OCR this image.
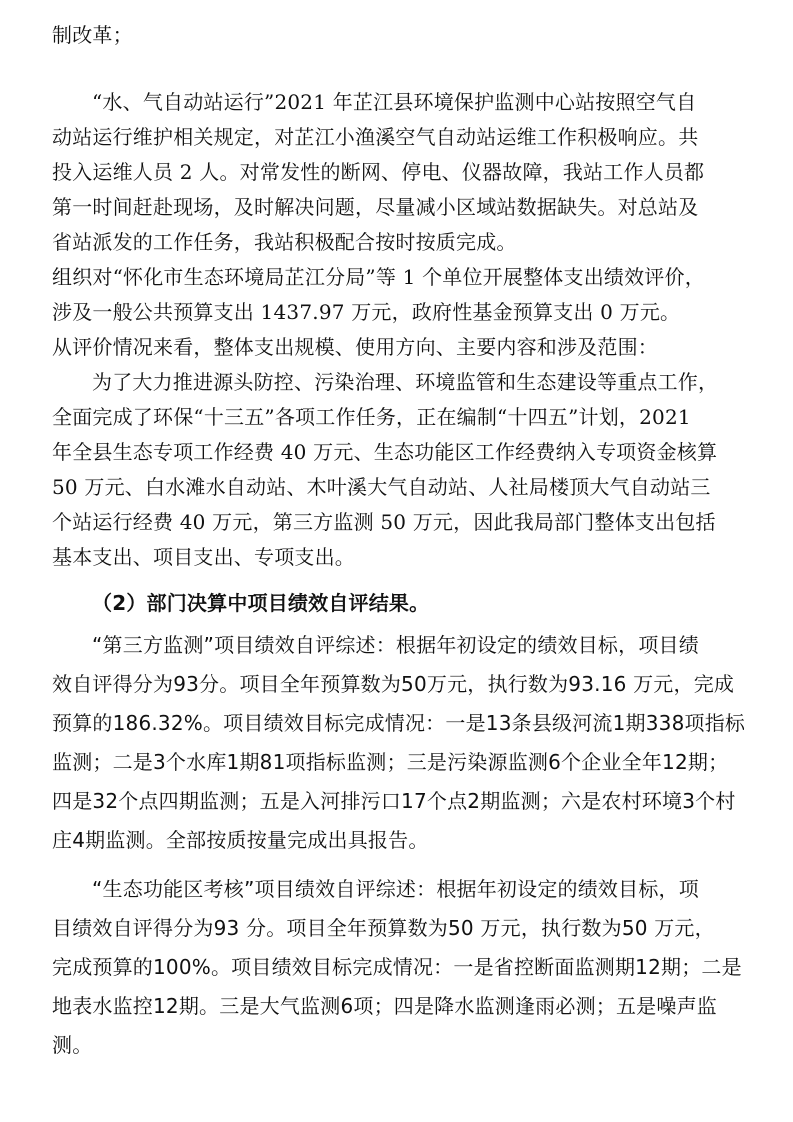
制改革；
“水、气自动站运行”2021 年芷江县环境保护监测中心站按照空气自
动站运行维护相关规定，对芷江小渔溪空气自动站运维工作积极响应。共
投入运维人员 2 人。对常发性的断网、停电、仪器故障，我站工作人员都
第一时间赶赴现场，及时解决问题，尽量减小区域站数据缺失。对总站及
省站派发的工作任务，我站积极配合按时按质完成。
组织对“怀化市生态环境局芷江分局”等 1 个单位开展整体支出绩效评价，
涉及一般公共预算支出 1437.97 万元，政府性基金预算支出 0 万元。
从评价情况来看，整体支出规模、使用方向、主要内容和涉及范围：
为了大力推进源头防控、污染治理、环境监管和生态建设等重点工作，
全面完成了环保“十三五”各项工作任务，正在编制“十四五”计划，2021
年全县生态专项工作经费 40 万元、生态功能区工作经费纳入专项资金核算
50 万元、白水滩水自动站、木叶溪大气自动站、人社局楼顶大气自动站三
个站运行经费 40 万元，第三方监测 50 万元，因此我局部门整体支出包括
基本支出、项目支出、专项支出。
（2）部门决算中项目绩效自评结果。
“第三方监测”项目绩效自评综述：根据年初设定的绩效目标，项目绩
效自评得分为93分。项目全年预算数为50万元，执行数为93.16 万元，完成
预算的186.32%。项目绩效目标完成情况：一是13条县级河流1期338项指标
监测；二是3个水库1期81项指标监测；三是污染源监测6个企业全年12期；
四是32个点四期监测；五是入河排污口17个点2期监测；六是农村环境3个村
庄4期监测。全部按质按量完成出具报告。
“生态功能区考核”项目绩效自评综述：根据年初设定的绩效目标，项
目绩效自评得分为93 分。项目全年预算数为50 万元，执行数为50 万元，
完成预算的100%。项目绩效目标完成情况：一是省控断面监测期12期；二是
地表水监控12期。三是大气监测6项；四是降水监测逢雨必测；五是噪声监
测。
